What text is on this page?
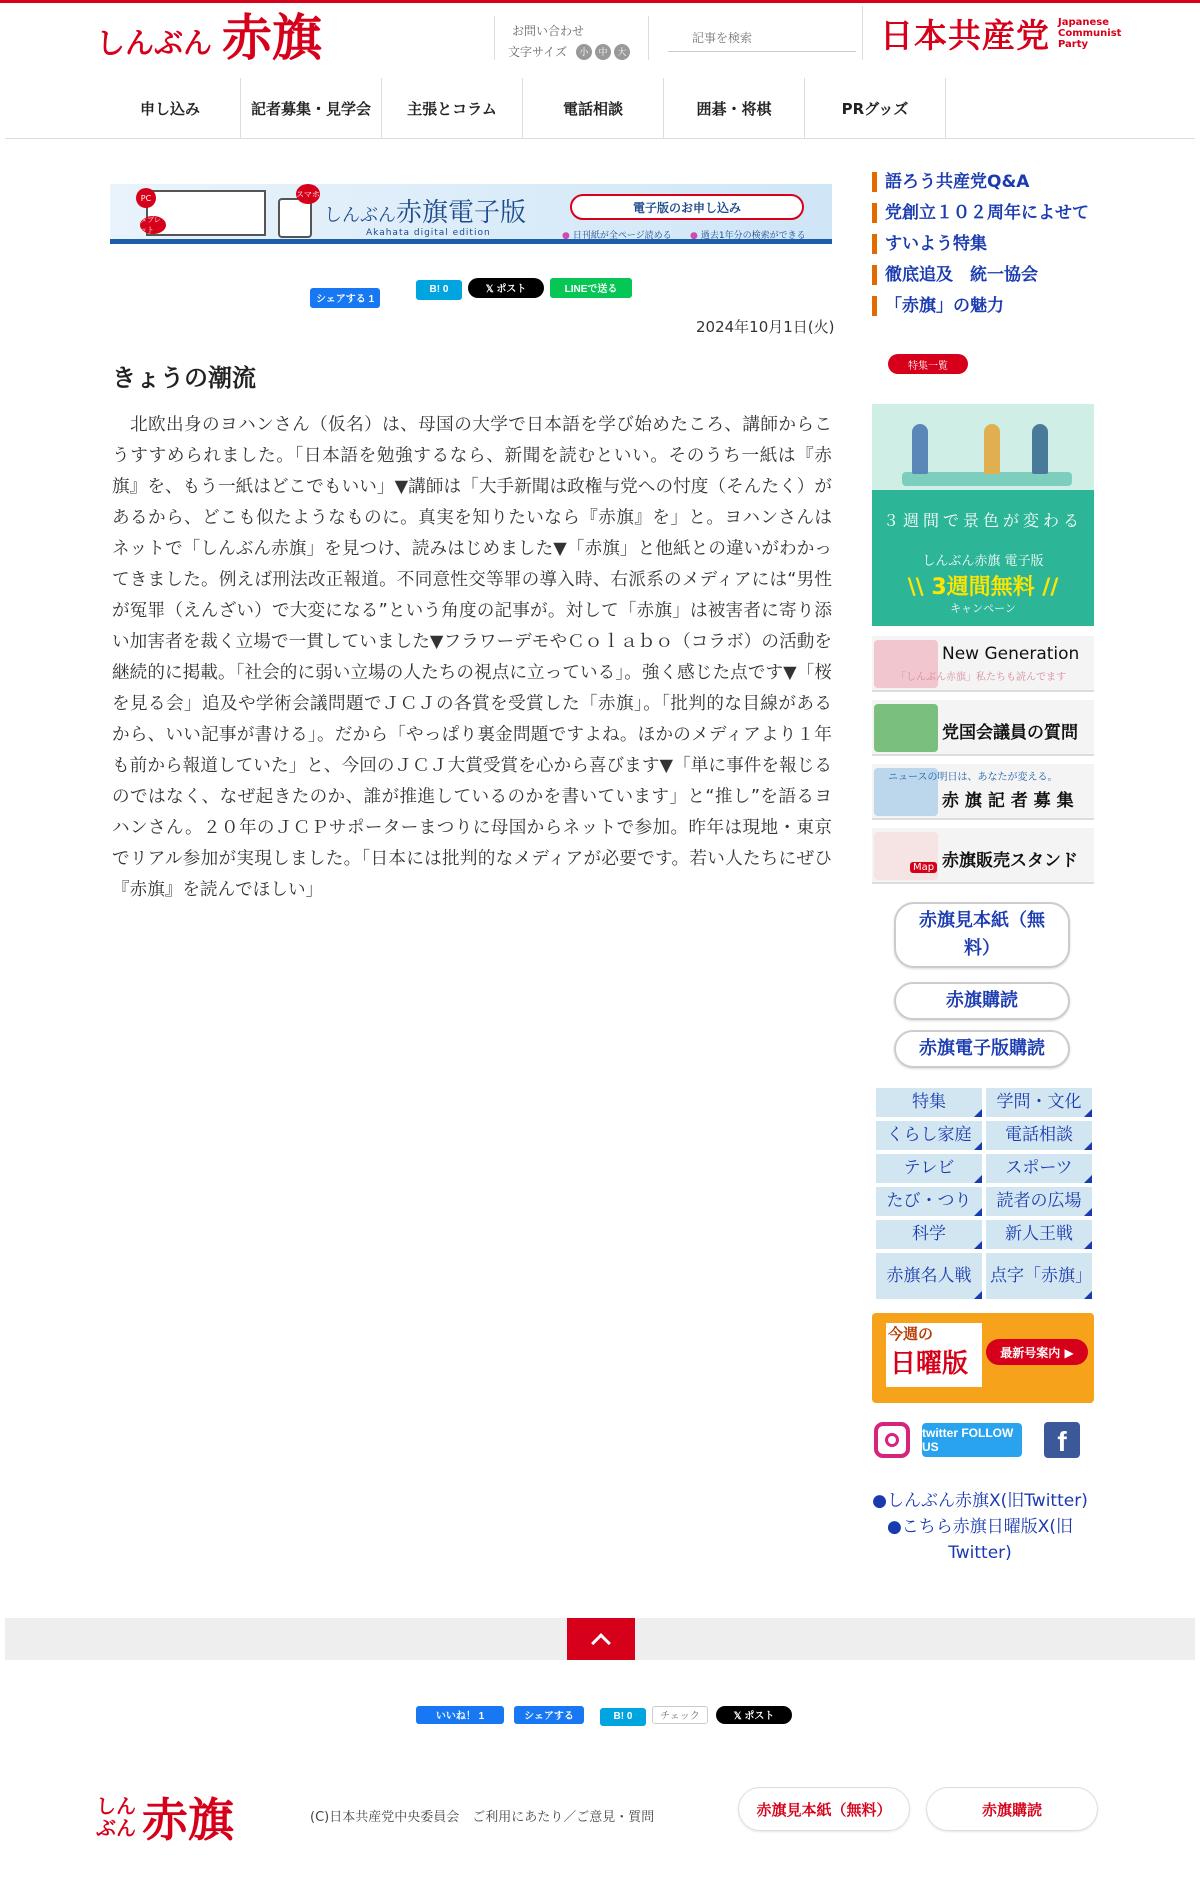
しんぶん 赤旗	お問い合わせ
文字サイズ	小	中	大
記事を検索	日本共産党 Japanese
Communist
Party
申し込み	記者募集・見学会	主張とコラム	電話相談	囲碁・将棋	PRグッズ
PC	スマホ
タブレット
しんぶん赤旗電子版
Akahata digital edition
電子版のお申し込み
● 日刊紙が全ページ読める
●	過去1年分の検索ができる
シェアする 1
B! 0	𝕏 ポスト	LINEで送る
2024年10月1日(火)
きょうの潮流
　北欧出身のヨハンさん（仮名）は、母国の大学で日本語を学び始めたころ、講師からこうすすめられました。「日本語を勉強するなら、新聞を読むといい。そのうち一紙は『赤旗』を、もう一紙はどこでもいい」▼講師は「大手新聞は政権与党への忖度（そんたく）があるから、どこも似たようなものに。真実を知りたいなら『赤旗』を」と。ヨハンさんはネットで「しんぶん赤旗」を見つけ、読みはじめました▼「赤旗」と他紙との違いがわかってきました。例えば刑法改正報道。不同意性交等罪の導入時、右派系のメディアには“男性が冤罪（えんざい）で大変になる”という角度の記事が。対して「赤旗」は被害者に寄り添い加害者を裁く立場で一貫していました▼フラワーデモやＣｏｌａｂｏ（コラボ）の活動を継続的に掲載。「社会的に弱い立場の人たちの視点に立っている」。強く感じた点です▼「桜を見る会」追及や学術会議問題でＪＣＪの各賞を受賞した「赤旗」。「批判的な目線があるから、いい記事が書ける」。だから「やっぱり裏金問題ですよね。ほかのメディアより１年も前から報道していた」と、今回のＪＣＪ大賞受賞を心から喜びます▼「単に事件を報じるのではなく、なぜ起きたのか、誰が推進しているのかを書いています」と“推し”を語るヨハンさん。２０年のＪＣＰサポーターまつりに母国からネットで参加。昨年は現地・東京でリアル参加が実現しました。「日本には批判的なメディアが必要です。若い人たちにぜひ『赤旗』を読んでほしい」
語ろう共産党Q&A
党創立１０２周年によせて
すいよう特集
徹底追及　統一協会
「赤旗」の魅力
特集一覧
３週間で景色が変わる
しんぶん赤旗 電子版
\\ 3週間無料 //
キャンペーン
New Generation
「しんぶん赤旗」私たちも読んでます
党国会議員の質問
ニュースの明日は、あなたが変える。
赤 旗 記 者 募 集
Map 赤旗販売スタンド
赤旗見本紙（無料）
赤旗購読
赤旗電子版購読
特集	学問・文化
くらし家庭	電話相談
テレビ	スポーツ
たび・つり	読者の広場
科学	新人王戦
赤旗名人戦	点字「赤旗」
今週の
日曜版	最新号案内 ▶
twitter FOLLOW US	f
●しんぶん赤旗X(旧Twitter)
●こちら赤旗日曜版X(旧Twitter)
いいね！ 1	シェアする	B! 0	チェック	𝕏 ポスト
しんぶん 赤旗	(C)日本共産党中央委員会　ご利用にあたり／ご意見・質問	赤旗見本紙（無料）	赤旗購読
